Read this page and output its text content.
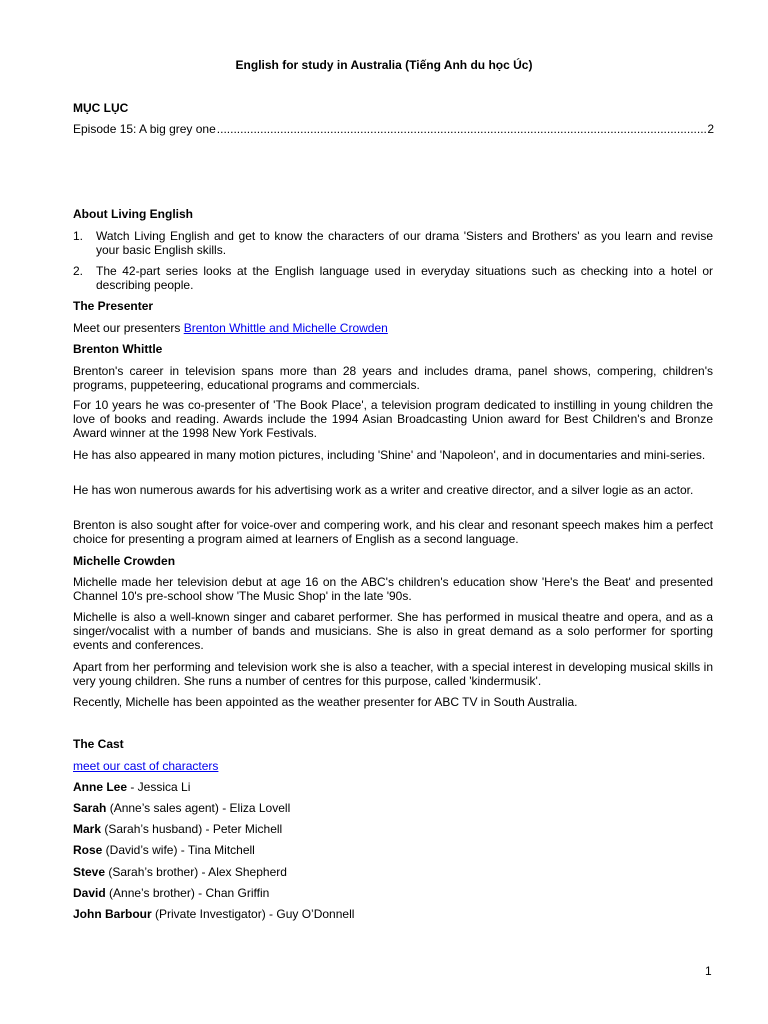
English for study in Australia (Tiếng Anh du học Úc)
MỤC LỤC
Episode 15: A big grey one
.....	2
About Living English
1. Watch Living English and get to know the characters of our drama 'Sisters and Brothers' as you learn and revise your basic English skills.
2. The 42-part series looks at the English language used in everyday situations such as checking into a hotel or describing people.
The Presenter
Meet our presenters Brenton Whittle and Michelle Crowden
Brenton Whittle
Brenton's career in television spans more than 28 years and includes drama, panel shows, compering, children's programs, puppeteering, educational programs and commercials.
For 10 years he was co-presenter of 'The Book Place', a television program dedicated to instilling in young children the love of books and reading. Awards include the 1994 Asian Broadcasting Union award for Best Children's and Bronze Award winner at the 1998 New York Festivals.
He has also appeared in many motion pictures, including 'Shine' and 'Napoleon', and in documentaries and mini-series.
He has won numerous awards for his advertising work as a writer and creative director, and a silver logie as an actor.
Brenton is also sought after for voice-over and compering work, and his clear and resonant speech makes him a perfect choice for presenting a program aimed at learners of English as a second language.
Michelle Crowden
Michelle made her television debut at age 16 on the ABC's children's education show 'Here's the Beat' and presented Channel 10's pre-school show 'The Music Shop' in the late '90s.
Michelle is also a well-known singer and cabaret performer. She has performed in musical theatre and opera, and as a singer/vocalist with a number of bands and musicians. She is also in great demand as a solo performer for sporting events and conferences.
Apart from her performing and television work she is also a teacher, with a special interest in developing musical skills in very young children. She runs a number of centres for this purpose, called 'kindermusik'.
Recently, Michelle has been appointed as the weather presenter for ABC TV in South Australia.
The Cast
meet our cast of characters
Anne Lee - Jessica Li
Sarah (Anne’s sales agent) - Eliza Lovell
Mark (Sarah’s husband) - Peter Michell
Rose (David’s wife) - Tina Mitchell
Steve (Sarah’s brother) - Alex Shepherd
David (Anne’s brother) - Chan Griffin
John Barbour (Private Investigator) - Guy O’Donnell
1
